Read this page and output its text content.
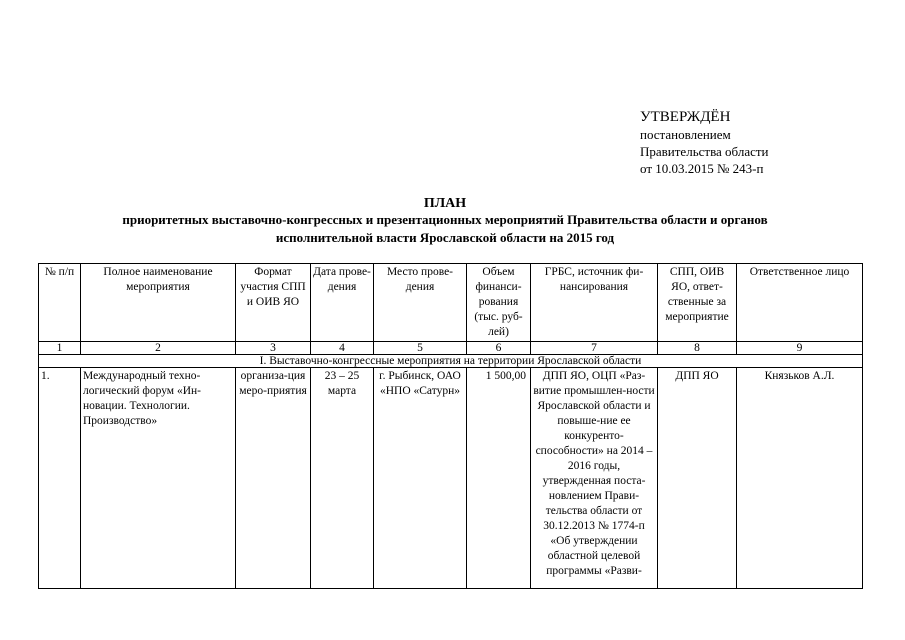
УТВЕРЖДЁН
постановлением
Правительства области
от 10.03.2015 № 243-п
ПЛАН
приоритетных выставочно-конгрессных и презентационных мероприятий Правительства области и органов
исполнительной власти Ярославской области на 2015 год
№ п/п	Полное наименование мероприятия	Формат участия СПП и ОИВ ЯО	Дата прове-дения	Место прове-дения	Объем финанси-рования (тыс. руб-лей)	ГРБС, источник фи-нансирования	СПП, ОИВ ЯО, ответ-ственные за мероприятие	Ответственное лицо
1	2	3	4	5	6	7	8	9
I. Выставочно-конгрессные мероприятия на территории Ярославской области								
1.	Международный техно-логический форум «Ин-новации. Технологии. Производство»	организа-ция меро-приятия	23 – 25 марта	г. Рыбинск, ОАО «НПО «Сатурн»	1 500,00	ДПП ЯО, ОЦП «Раз-витие промышлен-ности Ярославской области и повыше-ние ее конкуренто-способности» на 2014 – 2016 годы, утвержденная поста-новлением Прави-тельства области от 30.12.2013 № 1774-п «Об утверждении областной целевой программы «Разви-	ДПП ЯО	Князьков А.Л.
